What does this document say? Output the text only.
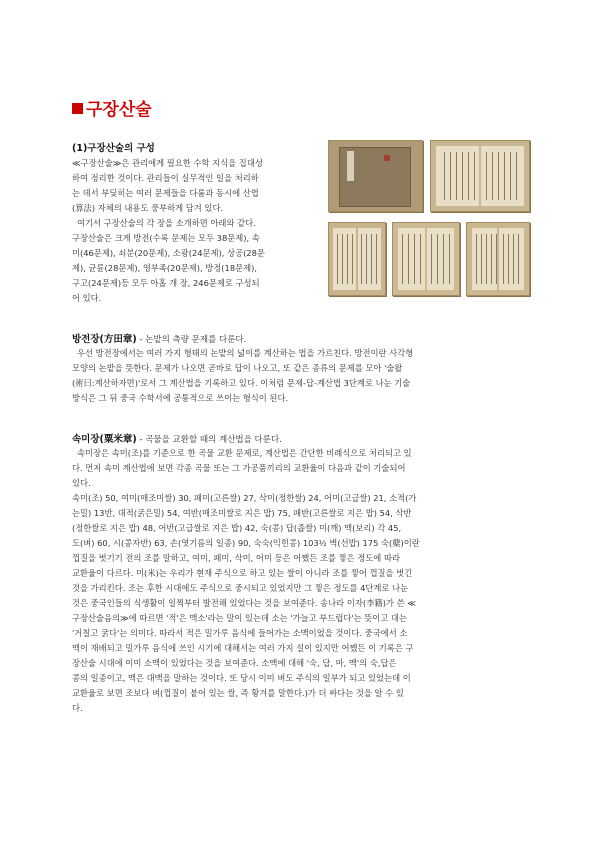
구장산술
(1)구장산술의 구성

≪구장산술≫은 관리에게 필요한 수학 지식을 집대성

하여 정리한 것이다. 관리들이 실무적인 일을 처리하

는 데서 부딪히는 여러 문제들을 다룸과 동시에 산법

(算法) 자체의 내용도 풍부하게 담겨 있다.

여기서 구장산술의 각 장을 소개하면 아래와 같다.

구장산술은 크게 방전(수록 문제는 모두 38문제), 속

미(46문제), 쇠분(20문제), 소광(24문제), 상공(28문

제), 균륜(28문제), 영부족(20문제), 방정(18문제),

구고(24문제)등 모두 아홉 개 장, 246문제로 구성되

어 있다.

방전장(方田章) - 논밭의 측량 문제를 다룬다.

우선 방전장에서는 여러 가지 형태의 논밭의 넓이를 계산하는 법을 가르친다. 방전이란 사각형

모양의 논밭을 뜻한다. 문제가 나오면 곧바로 답이 나오고, 또 같은 종류의 문제를 모아 '술왈

(術曰:계산하자면)'로서 그 계산법을 기록하고 있다. 이처럼 문제-답-계산법 3단계로 나눈 기술

방식은 그 뒤 중국 수학서에 공통적으로 쓰이는 형식이 된다.

속미장(粟米章) - 곡물을 교환할 때의 계산법을 다룬다.

속미장은 속미(조)를 기준으로 한 곡물 교환 문제로, 계산법은 간단한 비례식으로 처리되고 있

다. 먼저 속미 계산법에 보면 각종 곡물 또는 그 가공품끼리의 교환율이 다음과 같이 기술되어

있다.

속미(조) 50, 여미(매조미쌀) 30, 패미(고른쌀) 27, 삭미(정한쌀) 24, 어미(고급쌀) 21, 소적(가

는밀) 13반, 대적(굵은밀) 54, 여반(매조미쌀로 지은 밥) 75, 패반(고른쌀로 지은 밥) 54, 삭반

(정한쌀로 지은 밥) 48, 어반(고급쌀로 지은 밥) 42, 숙(콩) 답(좁쌀) 미(깨) 맥(보리) 각 45,

도(벼) 60, 시(콩자반) 63, 손(엿기름의 일종) 90, 숙숙(익힌콩) 103½ 벽(선밥) 175 숙(糵)이란

껍질을 벗기기 전의 조를 말하고, 여미, 패미, 삭미, 어미 등은 어쨌든 조를 찧은 정도에 따라

교환율이 다르다. 미(米)는 우리가 현재 주식으로 하고 있는 쌀이 아니라 조를 찧어 껍질을 벗긴

것을 가리킨다. 조는 후한 시대에도 주식으로 중시되고 있었지만 그 찧은 정도를 4단계로 나눈

것은 중국인들의 식생활이 일찍부터 발전해 있었다는 것을 보여준다. 송나라 이자(李籍)가 쓴 ≪

구장산술음의≫에 따르면 '적'은 맥소'라는 말이 있는데 소는 '가늘고 부드럽다'는 뜻이고 대는

'거칠고 굵다'는 의미다. 따라서 적은 밀가루 음식에 들어가는 소맥이었을 것이다. 중국에서 소

맥이 재배되고 밀가루 음식에 쓰인 시기에 대해서는 여러 가지 설이 있지만 어쨌든 이 기록은 구

장산술 시대에 이미 소맥이 있었다는 것을 보여준다. 소맥에 대해 '숙, 답, 마, 맥'의 숙,답은

콩의 일종이고, 맥은 대맥을 말하는 것이다. 또 당시 이미 벼도 주식의 일부가 되고 있었는데 이

교환율로 보면 조보다 벼(껍질이 붙어 있는 쌀, 즉 황겨를 말한다.)가 더 싸다는 것을 알 수 있

다.
